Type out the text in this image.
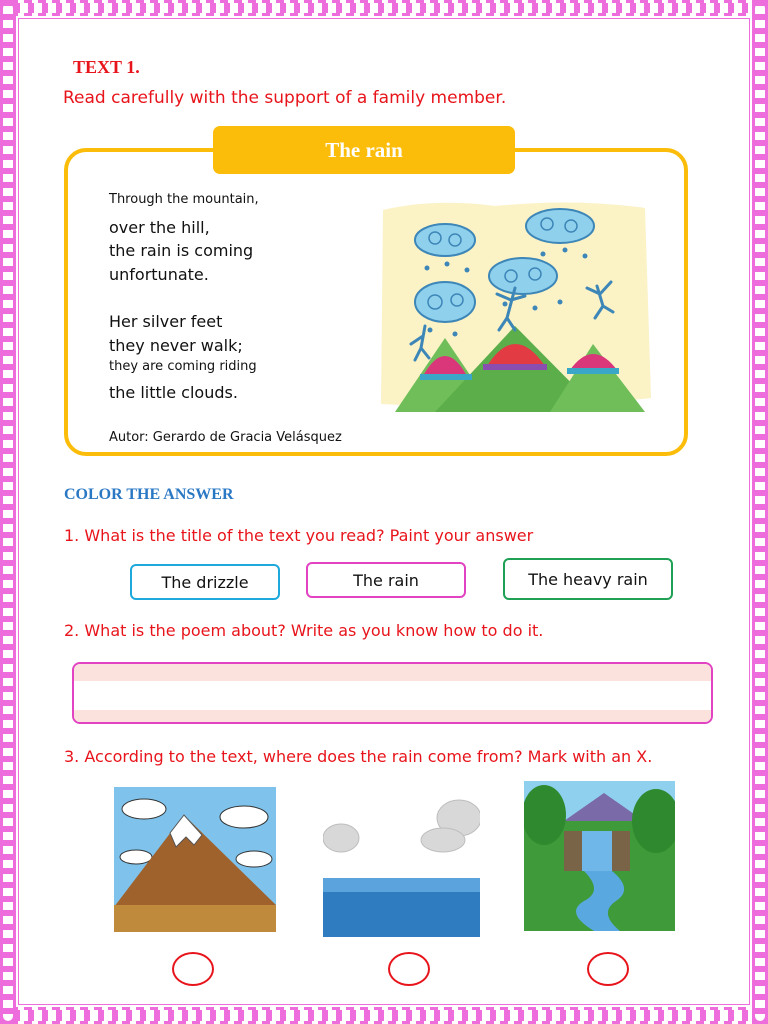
TEXT 1.
Read carefully with the support of a family member.
The rain
Through the mountain,
over the hill,
the rain is coming
unfortunate.
Her silver feet
they never walk;
they are coming riding
the little clouds.
Autor: Gerardo de Gracia Velásquez
COLOR THE ANSWER
1. What is the title of the text you read? Paint your answer
The drizzle	The rain	The heavy rain
2. What is the poem about? Write as you know how to do it.
3. According to the text, where does the rain come from? Mark with an X.
